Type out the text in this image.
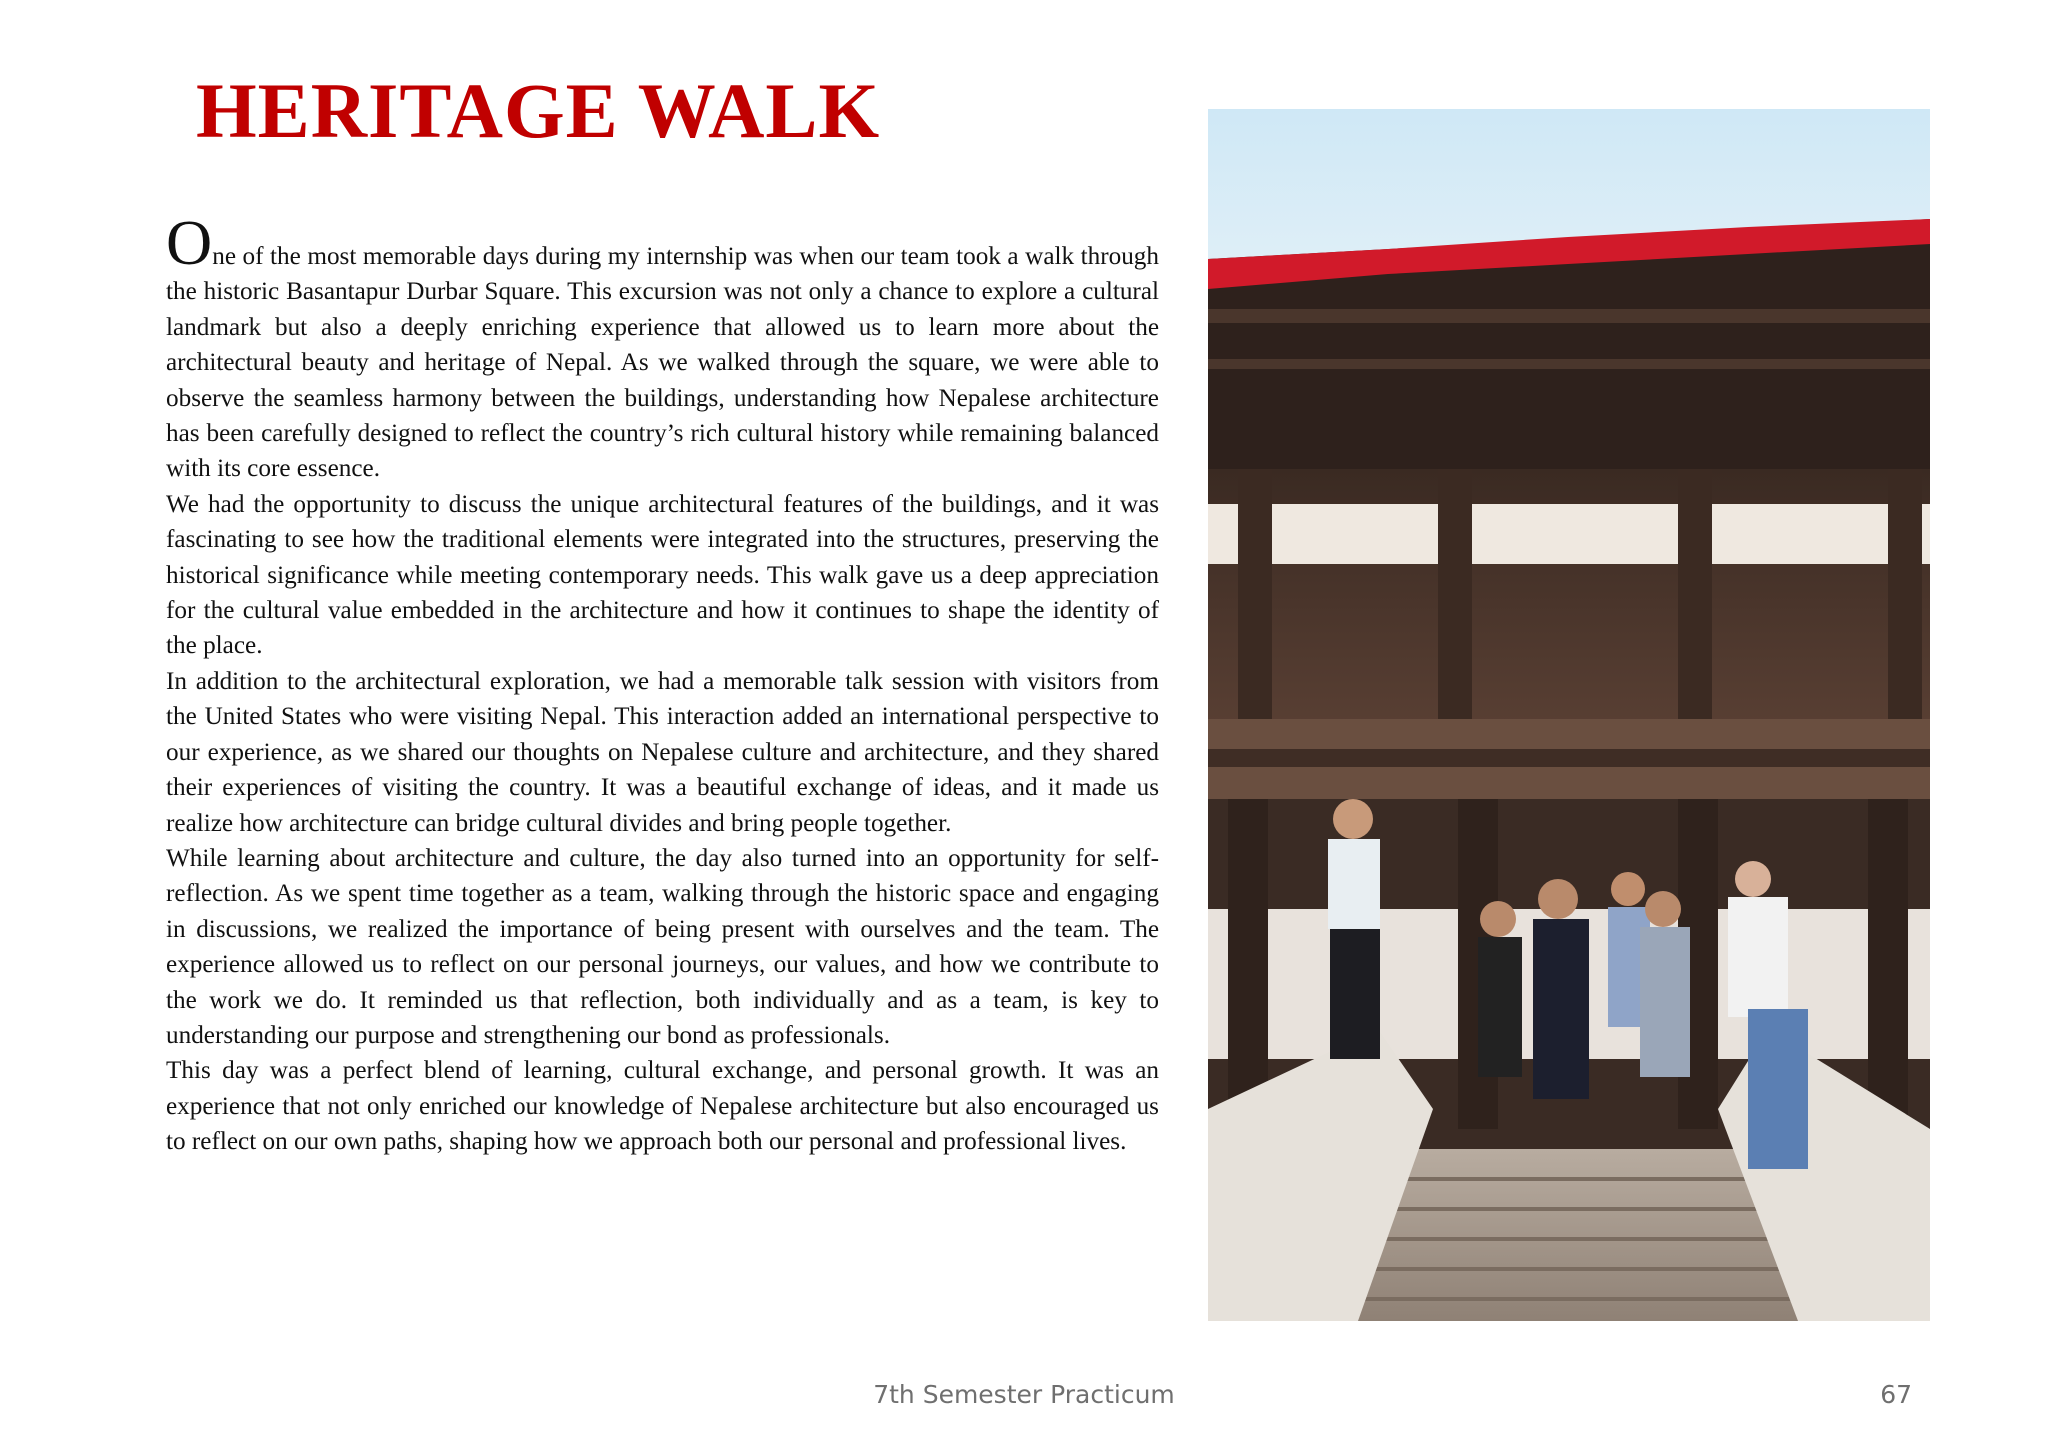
HERITAGE WALK

One of the most memorable days during my internship was when our team took a walk through the historic Basantapur Durbar Square. This excursion was not only a chance to explore a cultural landmark but also a deeply enriching experience that allowed us to learn more about the architectural beauty and heritage of Nepal. As we walked through the square, we were able to observe the seamless harmony between the buildings, understanding how Nepalese architecture has been carefully designed to reflect the country’s rich cultural history while remaining balanced with its core essence.

We had the opportunity to discuss the unique architectural features of the buildings, and it was fascinating to see how the traditional elements were integrated into the structures, preserving the historical significance while meeting contemporary needs. This walk gave us a deep appreciation for the cultural value embedded in the architecture and how it continues to shape the identity of the place.

In addition to the architectural exploration, we had a memorable talk session with visitors from the United States who were visiting Nepal. This interaction added an international perspective to our experience, as we shared our thoughts on Nepalese culture and architecture, and they shared their experiences of visiting the country. It was a beautiful exchange of ideas, and it made us realize how architecture can bridge cultural divides and bring people together.

While learning about architecture and culture, the day also turned into an opportunity for self-reflection. As we spent time together as a team, walking through the historic space and engaging in discussions, we realized the importance of being present with ourselves and the team. The experience allowed us to reflect on our personal journeys, our values, and how we contribute to the work we do. It reminded us that reflection, both individually and as a team, is key to understanding our purpose and strengthening our bond as professionals.

This day was a perfect blend of learning, cultural exchange, and personal growth. It was an experience that not only enriched our knowledge of Nepalese architecture but also encouraged us to reflect on our own paths, shaping how we approach both our personal and professional lives.

7th Semester Practicum	67
